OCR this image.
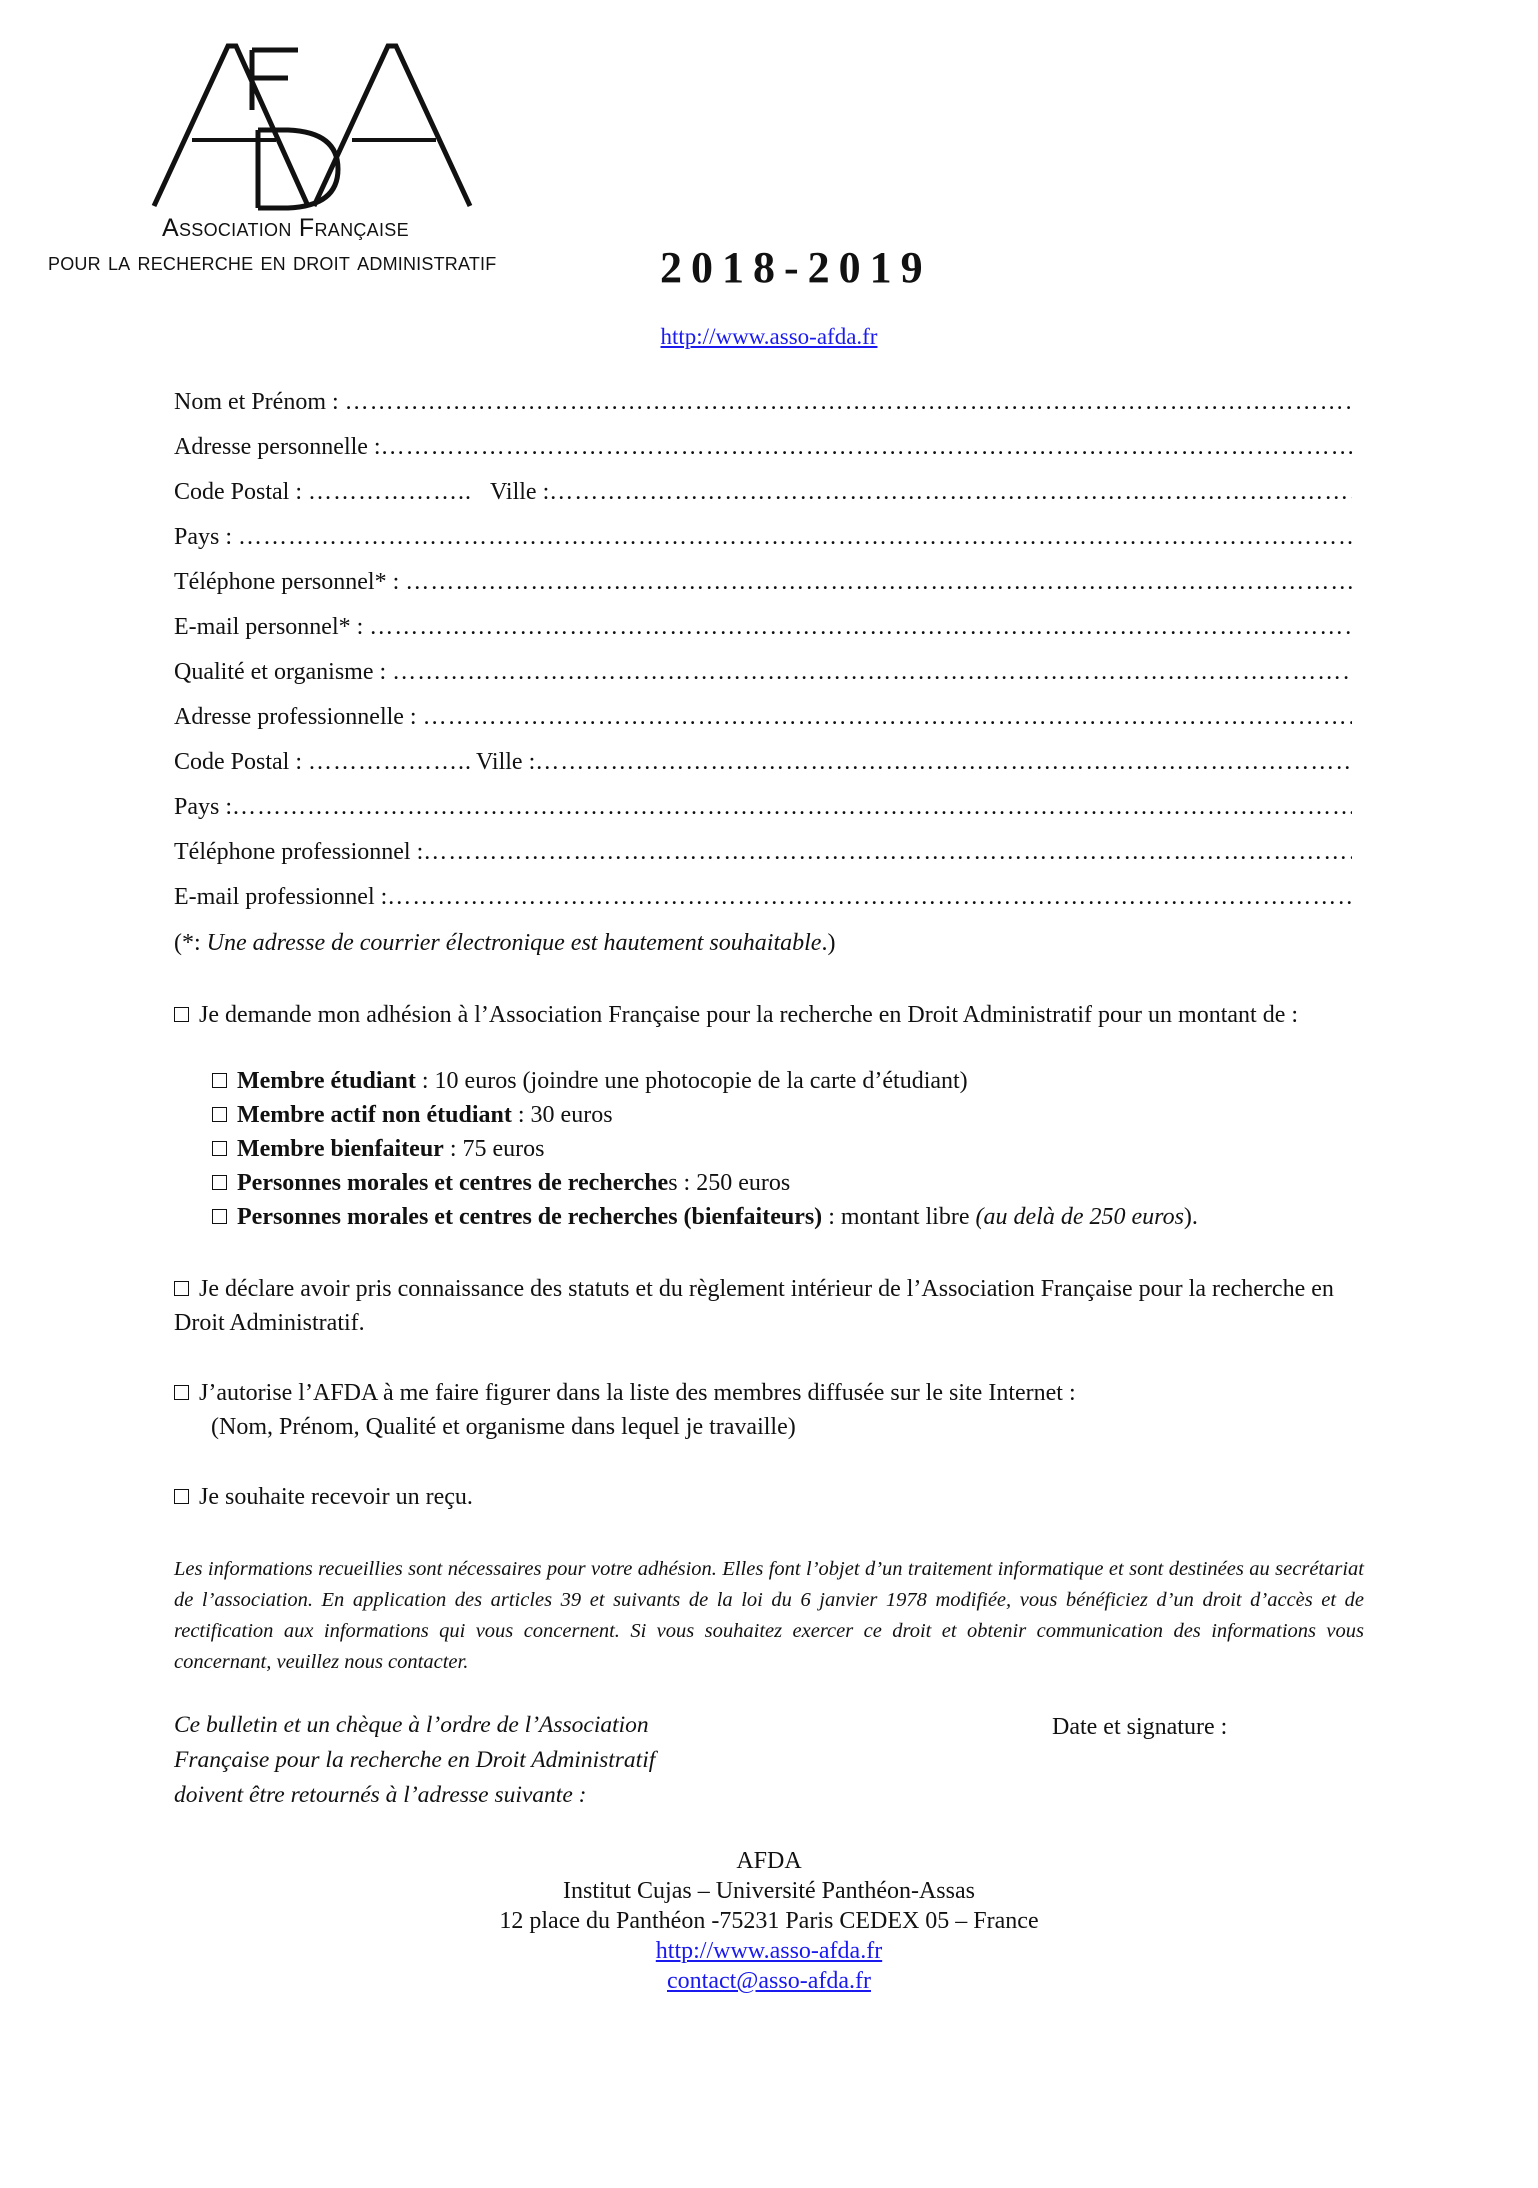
AFDA
Association Française
pour la recherche en droit administratif	2018-2019
http://www.asso-afda.fr
Nom et Prénom :

…………………………………………………………………………………………………………………………………………………………………………………………………………
Adresse personnelle :
…………………………………………………………………………………………………………………………………………………………………………………………………………
Code Postal :
………………..
Ville :
…………………………………………………………………………………………………………………………………………………………………………………………………………
Pays :

…………………………………………………………………………………………………………………………………………………………………………………………………………
Téléphone personnel* :

…………………………………………………………………………………………………………………………………………………………………………………………………………
E-mail personnel* :

…………………………………………………………………………………………………………………………………………………………………………………………………………
Qualité et organisme :

…………………………………………………………………………………………………………………………………………………………………………………………………………
Adresse professionnelle :

…………………………………………………………………………………………………………………………………………………………………………………………………………
Code Postal :
……………….. Ville :
…………………………………………………………………………………………………………………………………………………………………………………………………………
Pays :
…………………………………………………………………………………………………………………………………………………………………………………………………………
Téléphone professionnel :
…………………………………………………………………………………………………………………………………………………………………………………………………………
E-mail professionnel :
…………………………………………………………………………………………………………………………………………………………………………………………………………
(*: Une adresse de courrier électronique est hautement souhaitable.)
Je demande mon adhésion à l’Association Française pour la recherche en Droit Administratif pour un montant de :
Membre étudiant : 10 euros (joindre une photocopie de la carte d’étudiant)
Membre actif non étudiant : 30 euros
Membre bienfaiteur : 75 euros
Personnes morales et centres de recherches : 250 euros
Personnes morales et centres de recherches (bienfaiteurs) : montant libre (au delà de 250 euros).
Je déclare avoir pris connaissance des statuts et du règlement intérieur de l’Association Française pour la recherche en Droit Administratif.
J’autorise l’AFDA à me faire figurer dans la liste des membres diffusée sur le site Internet :
(Nom, Prénom, Qualité et organisme dans lequel je travaille)
Je souhaite recevoir un reçu.
Les informations recueillies sont nécessaires pour votre adhésion. Elles font l’objet d’un traitement informatique et sont destinées au secrétariat de l’association. En application des articles 39 et suivants de la loi du 6 janvier 1978 modifiée, vous bénéficiez d’un droit d’accès et de rectification aux informations qui vous concernent. Si vous souhaitez exercer ce droit et obtenir communication des informations vous concernant, veuillez nous contacter.
Ce bulletin et un chèque à l’ordre de l’Association
Française pour la recherche en Droit Administratif
doivent être retournés à l’adresse suivante :
Date et signature :
AFDA
Institut Cujas – Université Panthéon-Assas
12 place du Panthéon -75231 Paris CEDEX 05 – France
http://www.asso-afda.fr
contact@asso-afda.fr
